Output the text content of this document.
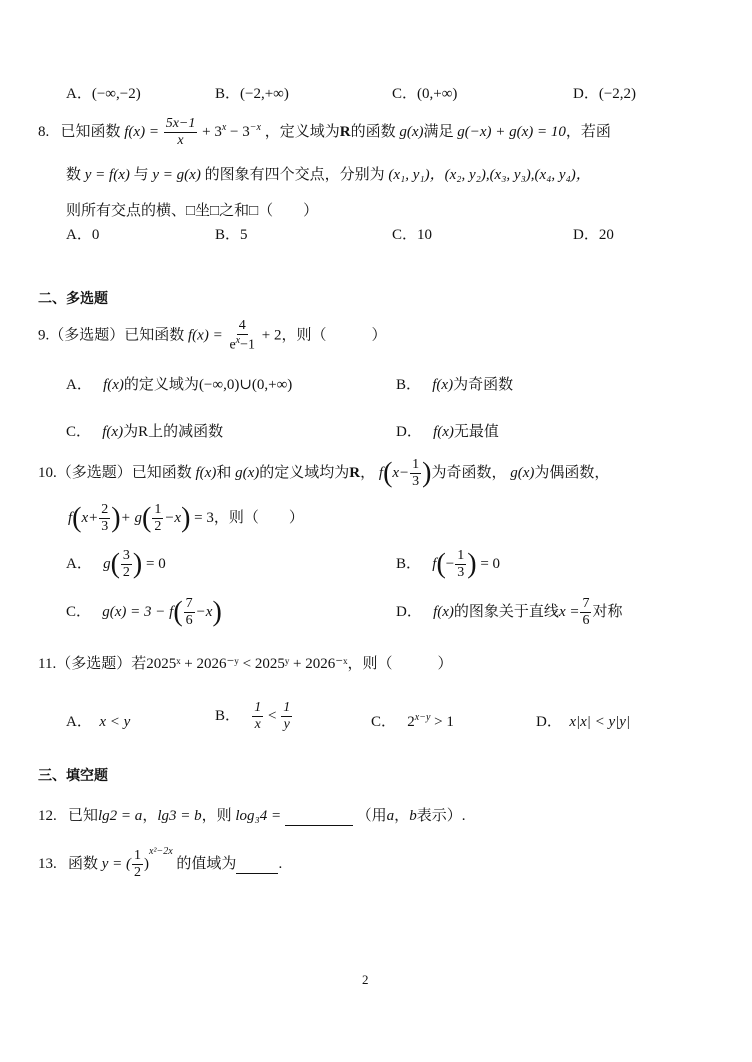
A．(−∞,−2)	B．(−2,+∞)	C．(0,+∞)	D．(−2,2)
8. 已知函数 $f(x) = \frac{5x-1}{x} + 3^x - 3^{-x}$ ，定义域为R的函数 g(x)满足 g(−x) + g(x) = 10，若函
数 y = f(x) 与 y = g(x) 的图象有四个交点，分别为 (x₁, y₁)，(x₂, y₂),(x₃, y₃),(x₄, y₄)，
则所有交点的横、□坐□之和□（　　）
A．0	B．5	C．10	D．20
二、多选题
9.（多选题）已知函数 $f(x) = \frac{4}{e^x-1} + 2$，则（　　　）
A． f(x)的定义域为(−∞,0)∪(0,+∞)	B． f(x)为奇函数
C． f(x)为R上的减函数	D． f(x)无最值
10.（多选题）已知函数 f(x)和 g(x)的定义域均为R， $f(x- \frac{1}{3}$ )为奇函数， g(x)为偶函数，
$f(x+ \frac{2}{3}$ )+ $g( \frac{1}{2} -x) = 3$，则（　　）
A． $g( \frac{3}{2}$ ) = 0	B． $f(- \frac{1}{3}$ ) = 0
C． $g(x) = 3 - f( \frac{7}{6} -x)$	D． f(x)的图象关于直线$x = \frac{7}{6}$ 对称
11.（多选题）若2025ˣ + 2026⁻ʸ < 2025ʸ + 2026⁻ˣ，则（　　　）
A． x < y	B． $\frac{1}{x} < \frac{1}{y}$	C． $2^{x-y} > 1$	D． x|x| < y|y|
三、填空题
12. 已知lg2 = a，lg3 = b，则 log₃4 =	（用a，b表示）.
13. 函数 y = ( $\frac{1}{2} )^{x^2-2x}$ 的值域为	.
2
